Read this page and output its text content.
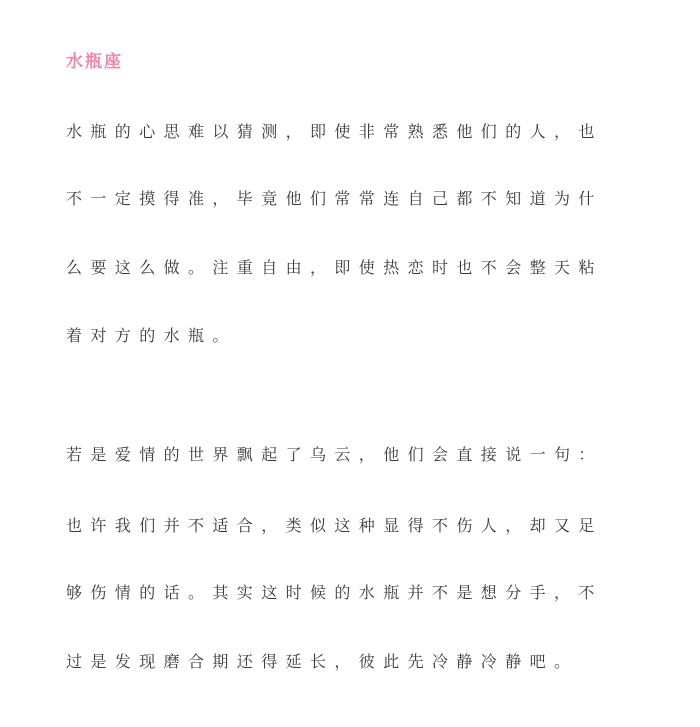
水瓶座
水瓶的心思难以猜测，即使非常熟悉他们的人，也
不一定摸得准，毕竟他们常常连自己都不知道为什
么要这么做。注重自由，即使热恋时也不会整天粘
着对方的水瓶。
若是爱情的世界飘起了乌云，他们会直接说一句：
也许我们并不适合，类似这种显得不伤人，却又足
够伤情的话。其实这时候的水瓶并不是想分手，不
过是发现磨合期还得延长，彼此先冷静冷静吧。
